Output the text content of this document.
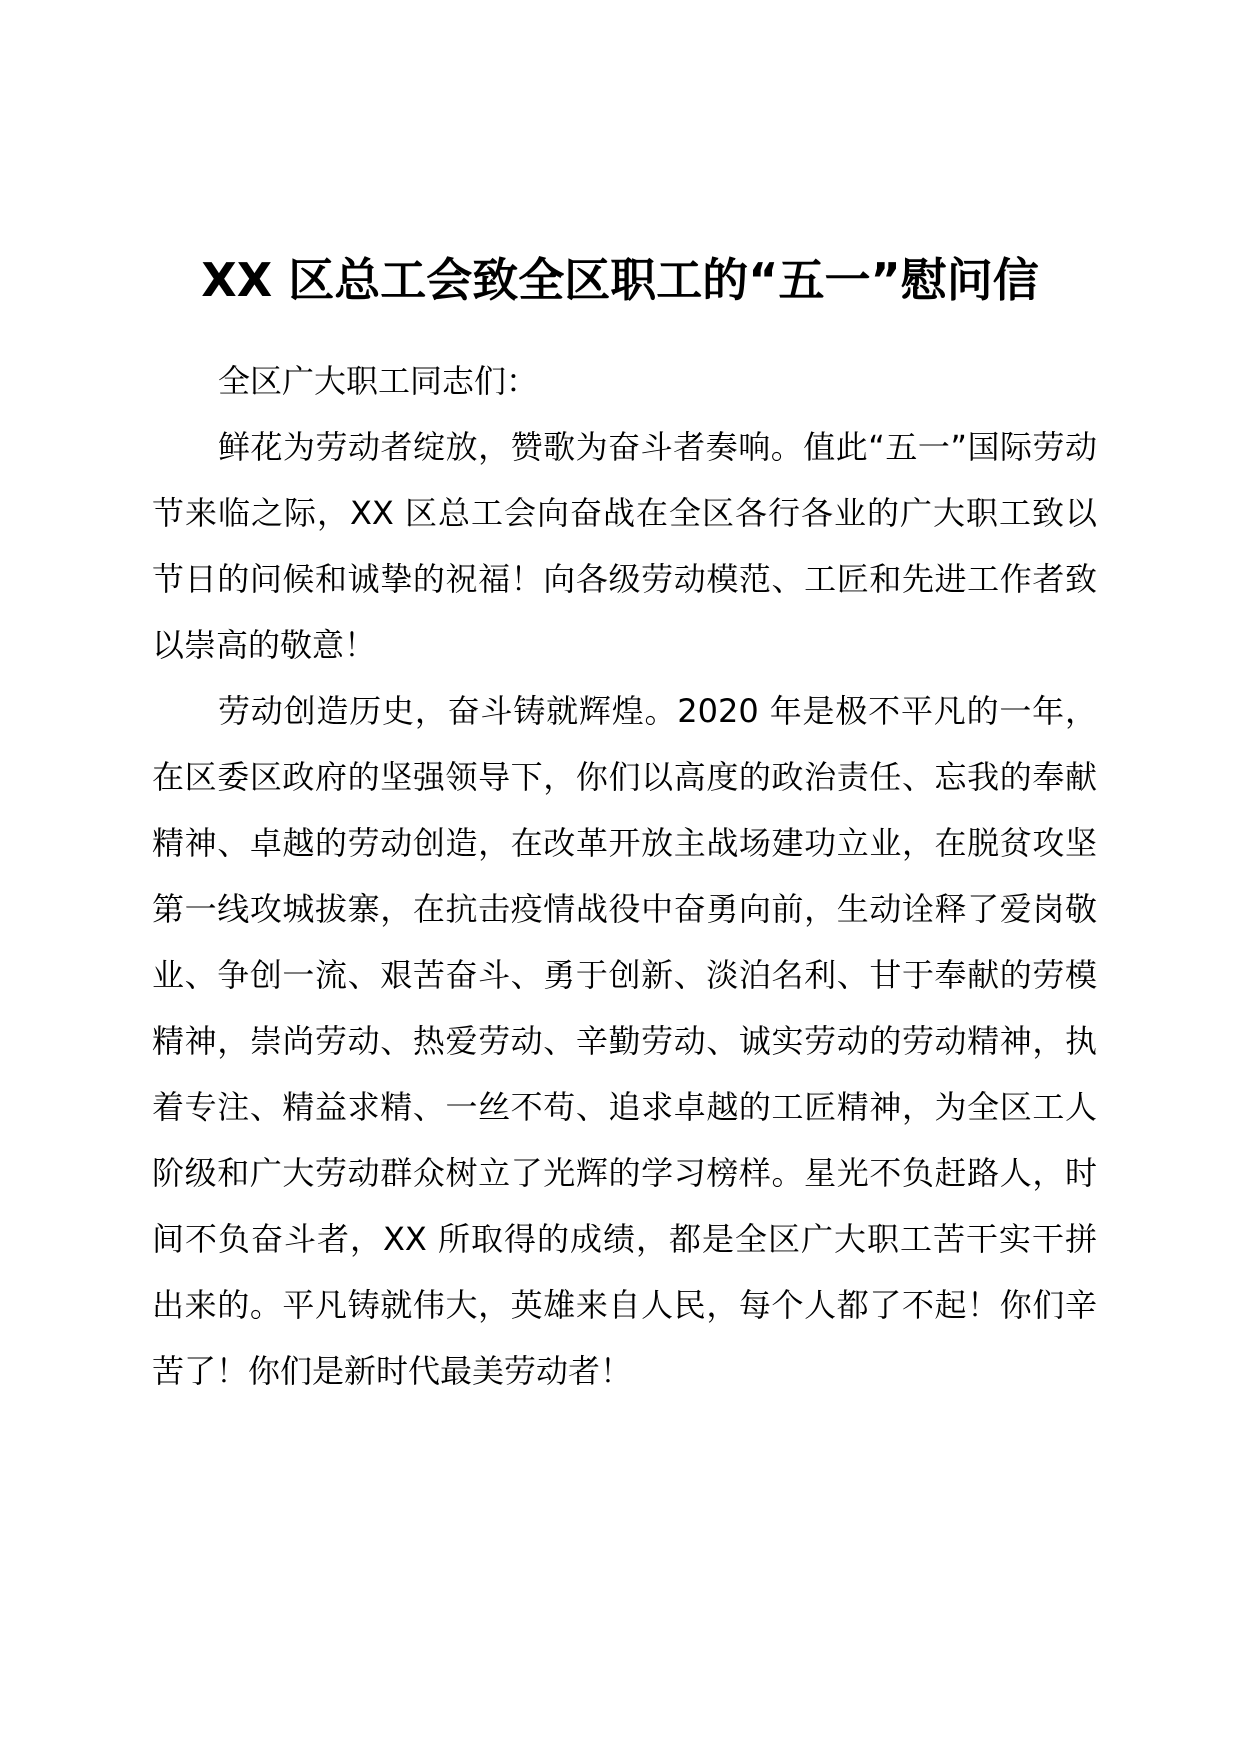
XX 区总工会致全区职工的“五一”慰问信

全区广大职工同志们：

鲜花为劳动者绽放，赞歌为奋斗者奏响。值此“五一”国际劳动节来临之际，XX 区总工会向奋战在全区各行各业的广大职工致以节日的问候和诚挚的祝福！向各级劳动模范、工匠和先进工作者致以崇高的敬意！

劳动创造历史，奋斗铸就辉煌。2020 年是极不平凡的一年，在区委区政府的坚强领导下，你们以高度的政治责任、忘我的奉献精神、卓越的劳动创造，在改革开放主战场建功立业，在脱贫攻坚第一线攻城拔寨，在抗击疫情战役中奋勇向前，生动诠释了爱岗敬业、争创一流、艰苦奋斗、勇于创新、淡泊名利、甘于奉献的劳模精神，崇尚劳动、热爱劳动、辛勤劳动、诚实劳动的劳动精神，执着专注、精益求精、一丝不苟、追求卓越的工匠精神，为全区工人阶级和广大劳动群众树立了光辉的学习榜样。星光不负赶路人，时间不负奋斗者，XX 所取得的成绩，都是全区广大职工苦干实干拼出来的。平凡铸就伟大，英雄来自人民，每个人都了不起！你们辛苦了！你们是新时代最美劳动者！
